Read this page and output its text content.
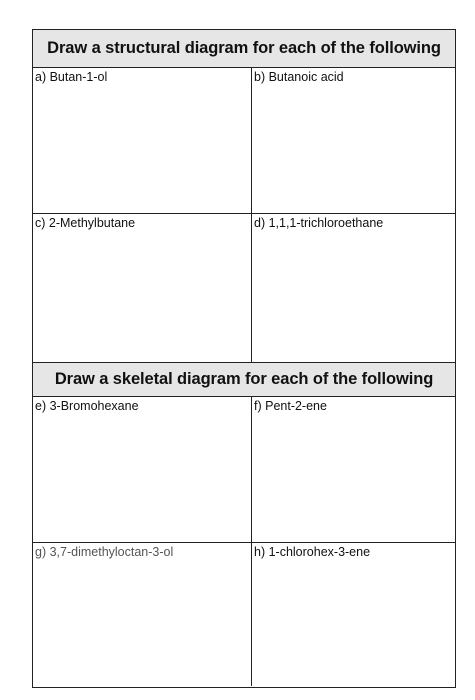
Draw a structural diagram for each of the following
a) Butan-1-ol	b) Butanoic acid
c) 2-Methylbutane	d) 1,1,1-trichloroethane
Draw a skeletal diagram for each of the following
e) 3-Bromohexane	f) Pent-2-ene
g) 3,7-dimethyloctan-3-ol	h) 1-chlorohex-3-ene
